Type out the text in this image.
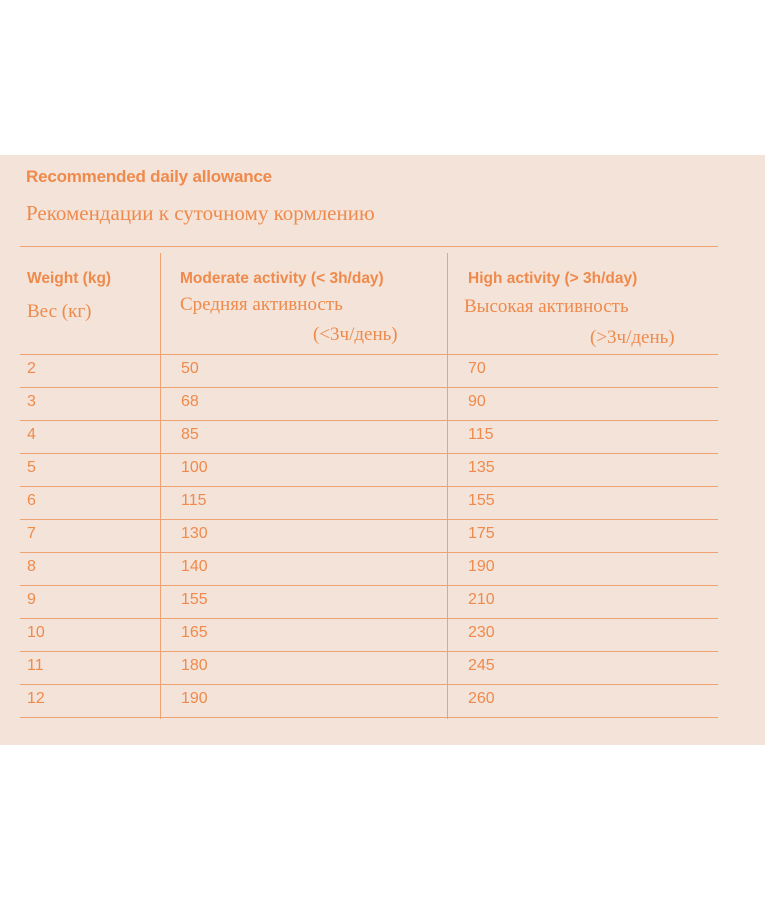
Recommended daily allowance
Рекомендации к суточному кормлению
Weight (kg)
Вес (кг)
Moderate activity (< 3h/day)
Средняя активность
(<3ч/день)
High activity (> 3h/day)
Высокая активность
(>3ч/день)
2	50	70
3	68	90
4	85	115
5	100	135
6	115	155
7	130	175
8	140	190
9	155	210
10	165	230
11	180	245
12	190	260
